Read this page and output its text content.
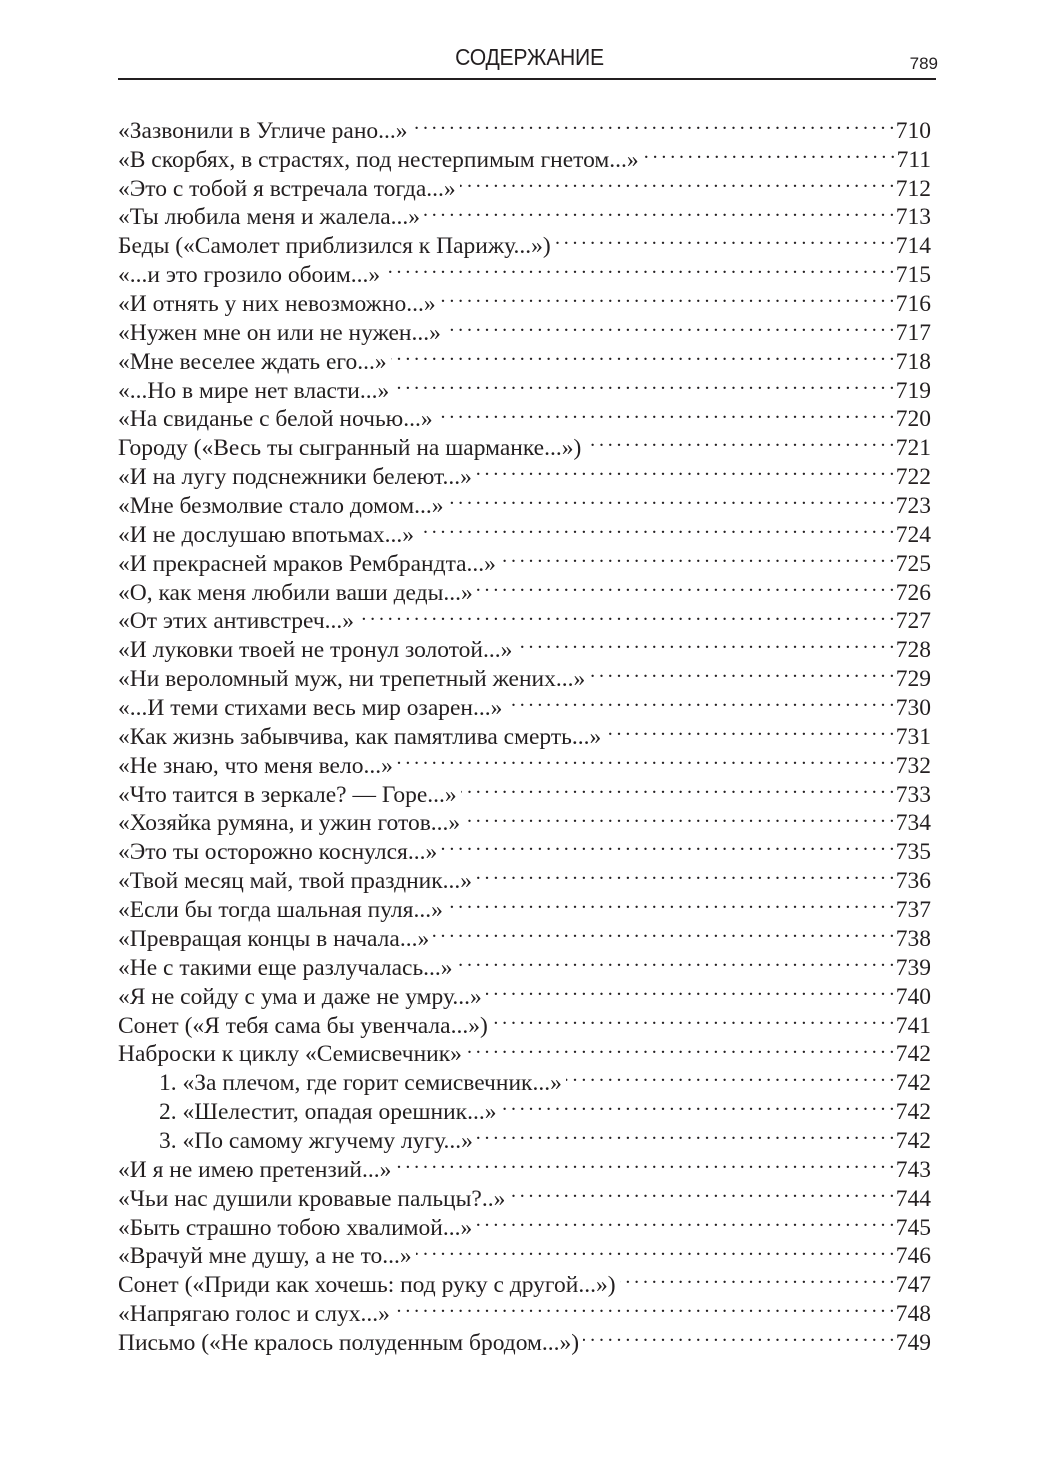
СОДЕРЖАНИЕ	789
«Зазвонили в Угличе рано...» . . .	710
«В скорбях, в страстях, под нестерпимым гнетом...» . . .	711
«Это с тобой я встречала тогда...» . . .	712
«Ты любила меня и жалела...» . . .	713
Беды («Самолет приблизился к Парижу...») . . .	714
«...и это грозило обоим...» . . .	715
«И отнять у них невозможно...» . . .	716
«Нужен мне он или не нужен...» . . .	717
«Мне веселее ждать его...» . . .	718
«...Но в мире нет власти...» . . .	719
«На свиданье с белой ночью...» . . .	720
Городу («Весь ты сыгранный на шарманке...») . . .	721
«И на лугу подснежники белеют...» . . .	722
«Мне безмолвие стало домом...» . . .	723
«И не дослушаю впотьмах...» . . .	724
«И прекрасней мраков Рембрандта...» . . .	725
«О, как меня любили ваши деды...» . . .	726
«От этих антивстреч...» . . .	727
«И луковки твоей не тронул золотой...» . . .	728
«Ни вероломный муж, ни трепетный жених...» . . .	729
«...И теми стихами весь мир озарен...» . . .	730
«Как жизнь забывчива, как памятлива смерть...» . . .	731
«Не знаю, что меня вело...» . . .	732
«Что таится в зеркале? — Горе...» . . .	733
«Хозяйка румяна, и ужин готов...» . . .	734
«Это ты осторожно коснулся...» . . .	735
«Твой месяц май, твой праздник...» . . .	736
«Если бы тогда шальная пуля...» . . .	737
«Превращая концы в начала...» . . .	738
«Не с такими еще разлучалась...» . . .	739
«Я не сойду с ума и даже не умру...» . . .	740
Сонет («Я тебя сама бы увенчала...») . . .	741
Наброски к циклу «Семисвечник» . . .	742
1. «За плечом, где горит семисвечник...» . . .	742
2. «Шелестит, опадая орешник...» . . .	742
3. «По самому жгучему лугу...» . . .	742
«И я не имею претензий...» . . .	743
«Чьи нас душили кровавые пальцы?..» . . .	744
«Быть страшно тобою хвалимой...» . . .	745
«Врачуй мне душу, а не то...» . . .	746
Сонет («Приди как хочешь: под руку с другой...») . . .	747
«Напрягаю голос и слух...» . . .	748
Письмо («Не кралось полуденным бродом...») . . .	749
